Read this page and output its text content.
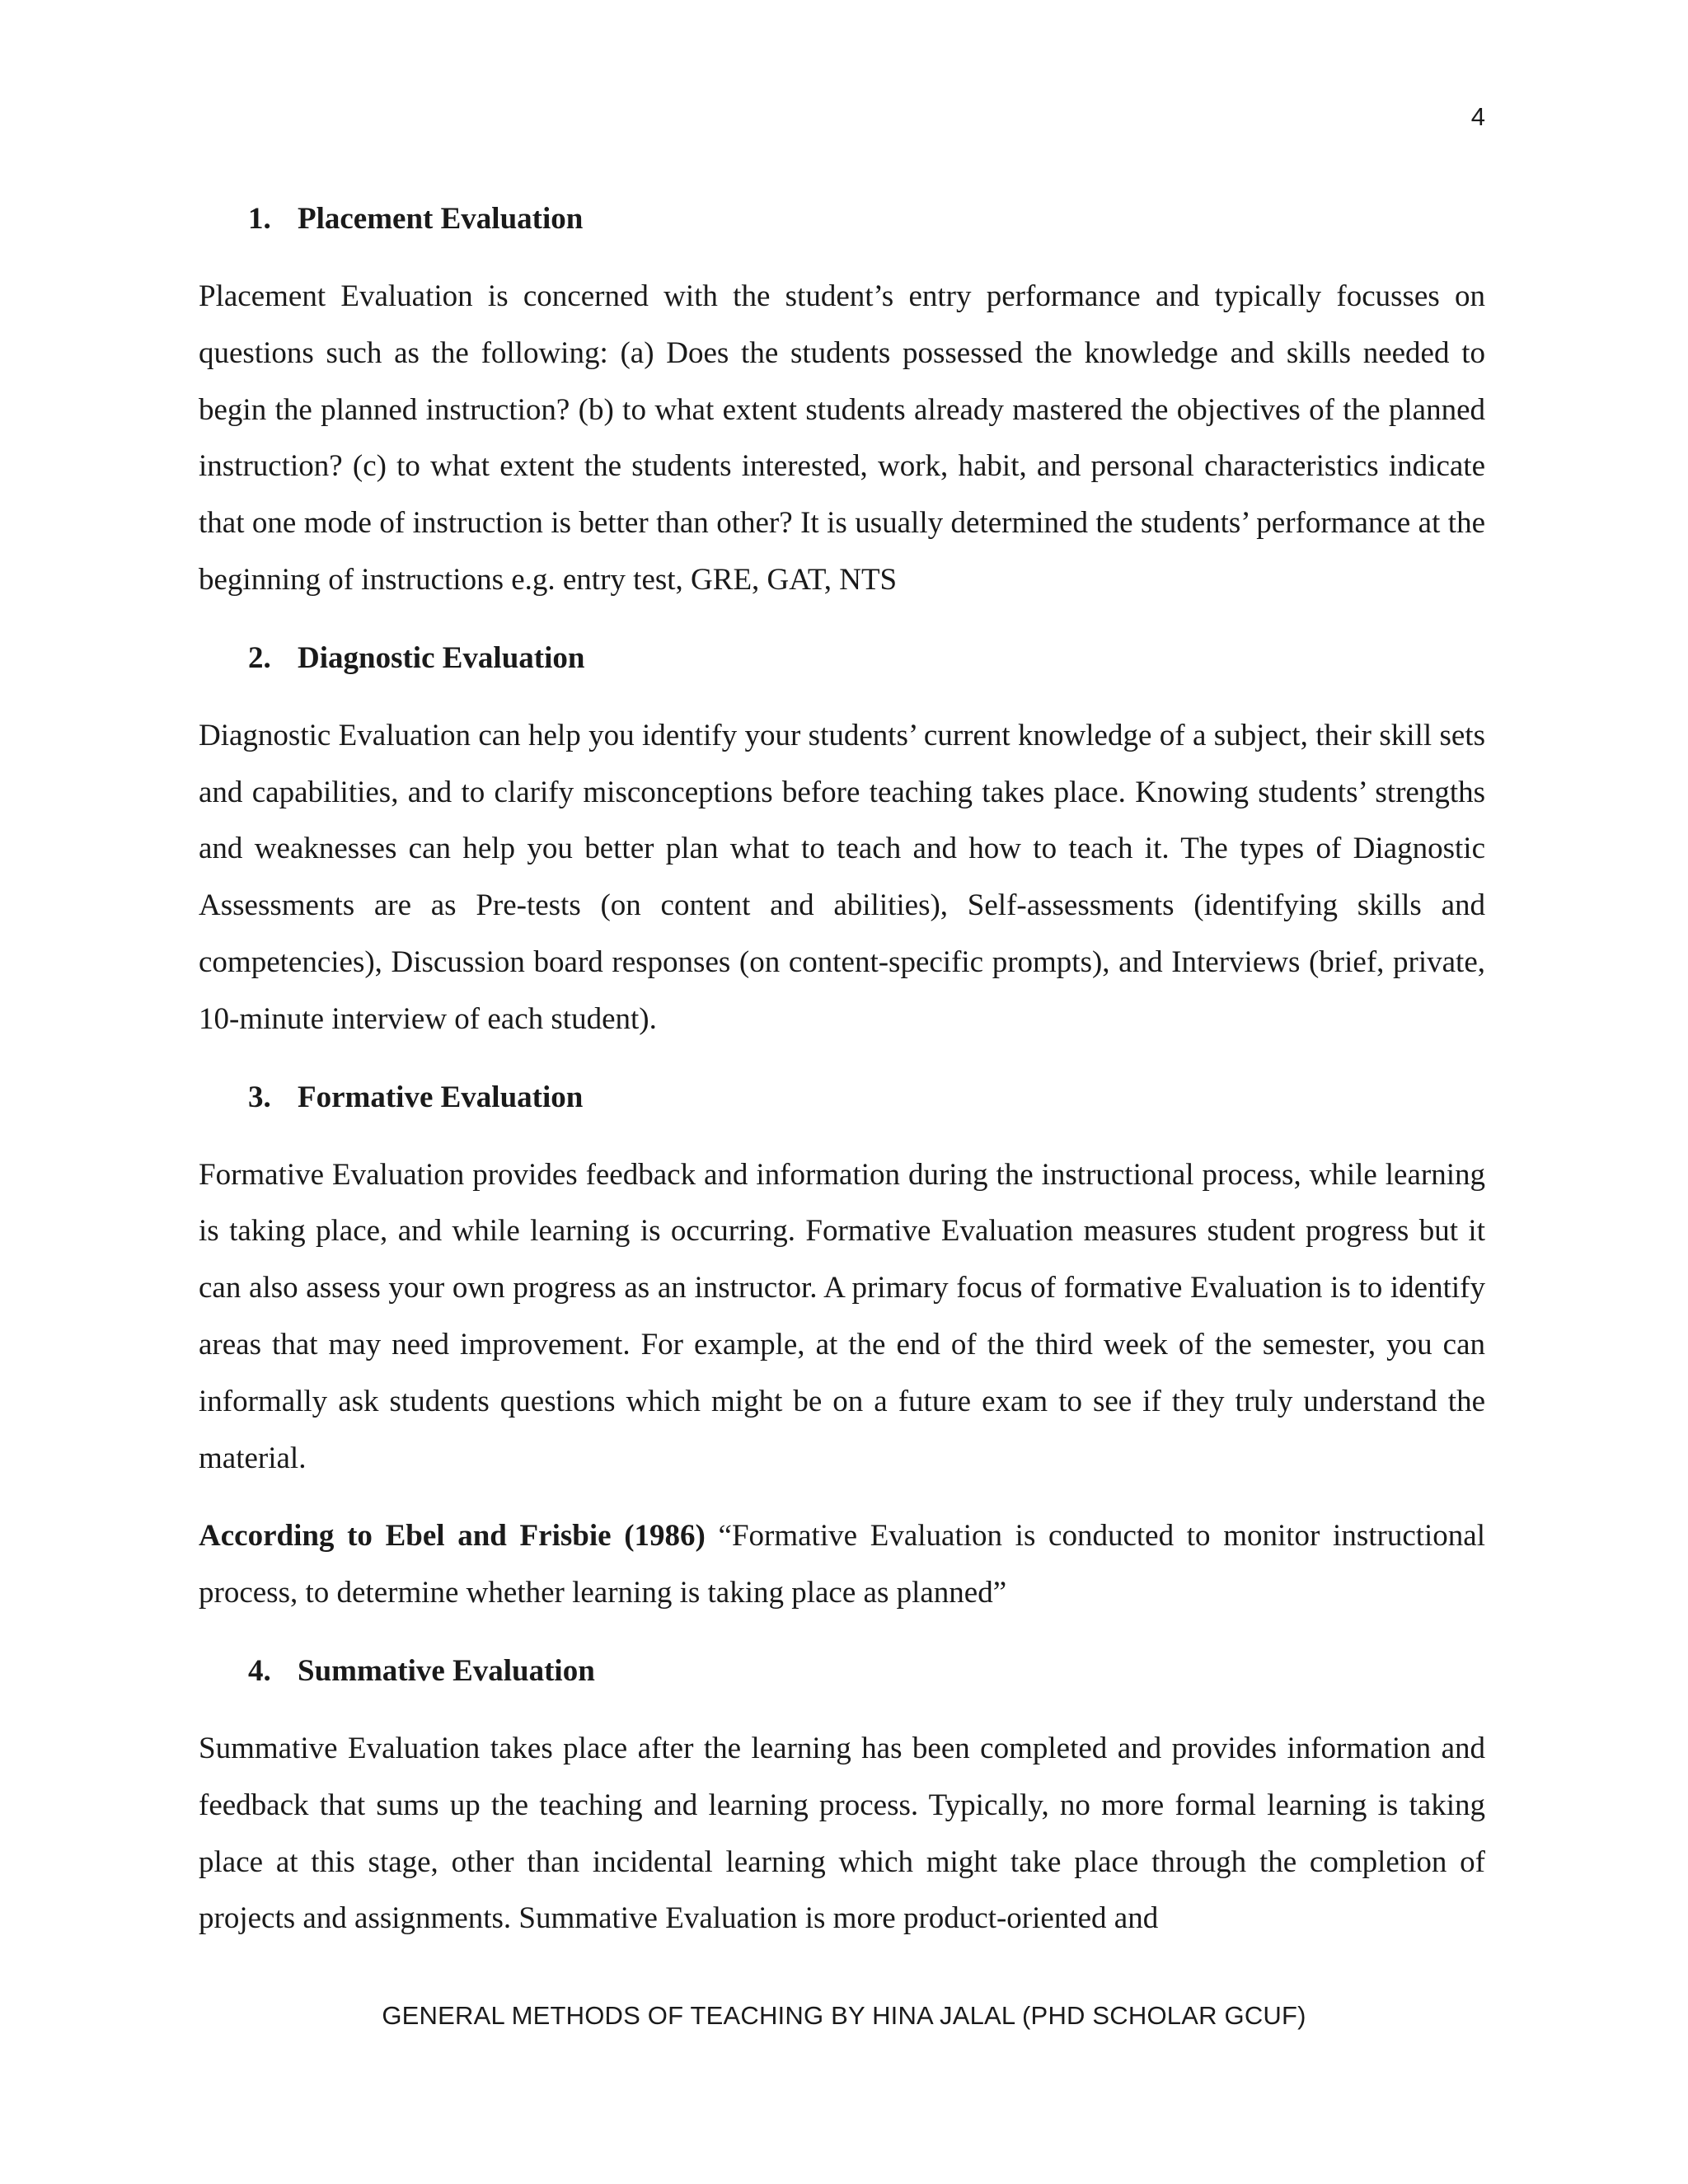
4
1. Placement Evaluation

Placement Evaluation is concerned with the student’s entry performance and typically focusses on questions such as the following: (a) Does the students possessed the knowledge and skills needed to begin the planned instruction? (b) to what extent students already mastered the objectives of the planned instruction? (c) to what extent the students interested, work, habit, and personal characteristics indicate that one mode of instruction is better than other? It is usually determined the students’ performance at the beginning of instructions e.g. entry test, GRE, GAT, NTS

2. Diagnostic Evaluation

Diagnostic Evaluation can help you identify your students’ current knowledge of a subject, their skill sets and capabilities, and to clarify misconceptions before teaching takes place. Knowing students’ strengths and weaknesses can help you better plan what to teach and how to teach it. The types of Diagnostic Assessments are as Pre-tests (on content and abilities), Self-assessments (identifying skills and competencies), Discussion board responses (on content-specific prompts), and Interviews (brief, private, 10-minute interview of each student).

3. Formative Evaluation

Formative Evaluation provides feedback and information during the instructional process, while learning is taking place, and while learning is occurring. Formative Evaluation measures student progress but it can also assess your own progress as an instructor. A primary focus of formative Evaluation is to identify areas that may need improvement. For example, at the end of the third week of the semester, you can informally ask students questions which might be on a future exam to see if they truly understand the material.

According to Ebel and Frisbie (1986) “Formative Evaluation is conducted to monitor instructional process, to determine whether learning is taking place as planned”

4. Summative Evaluation

Summative Evaluation takes place after the learning has been completed and provides information and feedback that sums up the teaching and learning process. Typically, no more formal learning is taking place at this stage, other than incidental learning which might take place through the completion of projects and assignments. Summative Evaluation is more product-oriented and

GENERAL METHODS OF TEACHING BY HINA JALAL (PHD SCHOLAR GCUF)
